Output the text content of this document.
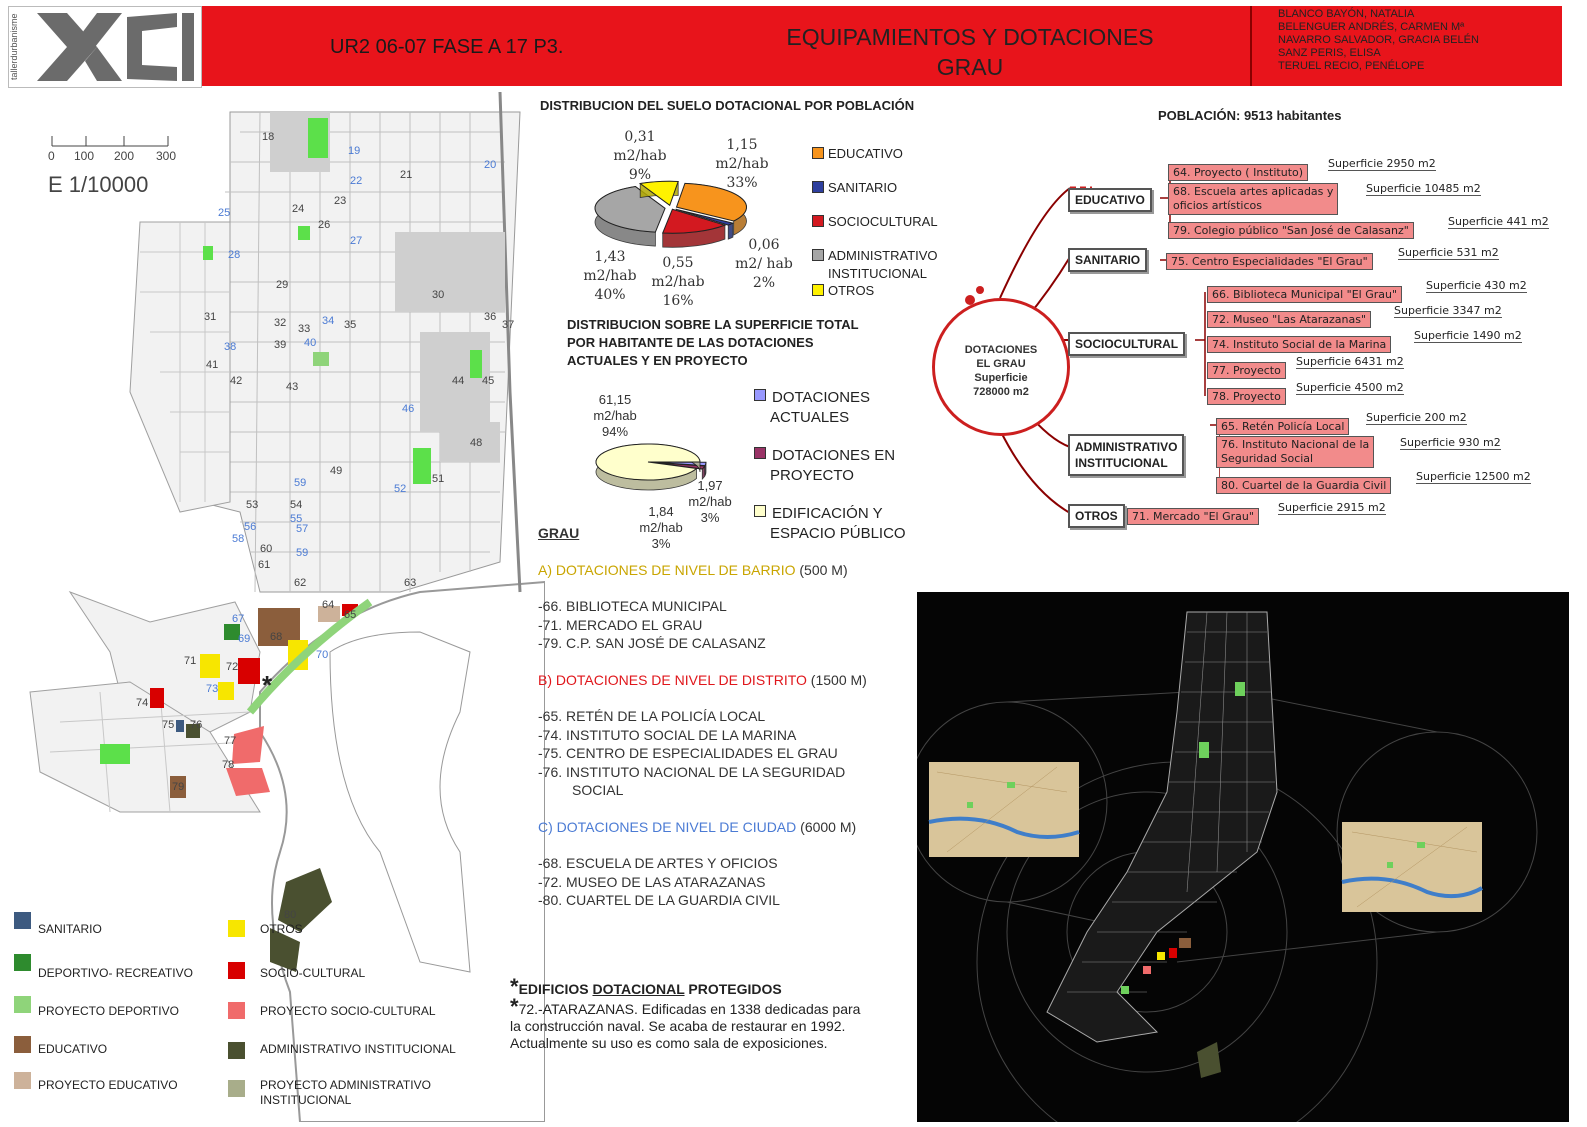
tallerdurbanisme	UR2 06-07 FASE A 17 P3.	EQUIPAMIENTOS Y DOTACIONES
GRAU
BLANCO BAYÓN, NATALIA
BELENGUER ANDRÉS, CARMEN Mª
NAVARRO SALVADOR, GRACIA BELÉN
SANZ PERIS, ELISA
TERUEL RECIO, PENÉLOPE
18
19
20
21
22
23
24
25
26
27
28
29
30
31	32 33
34 35
36
37
38	39 40
41
42	43	44 45
46
48
49
51
59	52
53	54
55
56	57
58
60 59
61
62	63
64
65
67
68
69
70
71	72
73
74
75 76
77
78
79
80
*
0 100 200 300
E 1/10000
DISTRIBUCION DEL SUELO DOTACIONAL POR POBLACIÓN
POBLACIÓN: 9513 habitantes
0,31
m2/hab
9%
1,15
m2/hab
33%
0,06
m2/ hab
2%
0,55
m2/hab
16%
1,43
m2/hab
40%
EDUCATIVO
SANITARIO
SOCIOCULTURAL
ADMINISTRATIVO
INSTITUCIONAL
OTROS
DISTRIBUCION SOBRE LA SUPERFICIE TOTAL
POR HABITANTE DE LAS DOTACIONES
ACTUALES Y EN PROYECTO
61,15
m2/hab
94%
1,97
m2/hab
3%
1,84
m2/hab
3%
DOTACIONES
ACTUALES
DOTACIONES EN
PROYECTO
EDIFICACIÓN Y
ESPACIO PÚBLICO
GRAU
A) DOTACIONES DE NIVEL DE BARRIO (500 M)
-66. BIBLIOTECA MUNICIPAL
-71. MERCADO EL GRAU
-79. C.P. SAN JOSÉ DE CALASANZ
B) DOTACIONES DE NIVEL DE DISTRITO (1500 M)
-65. RETÉN DE LA POLICÍA LOCAL
-74. INSTITUTO SOCIAL DE LA MARINA
-75. CENTRO DE ESPECIALIDADES EL GRAU
-76. INSTITUTO NACIONAL DE LA SEGURIDAD
SOCIAL
C) DOTACIONES DE NIVEL DE CIUDAD (6000 M)
-68. ESCUELA DE ARTES Y OFICIOS
-72. MUSEO DE LAS ATARAZANAS
-80. CUARTEL DE LA GUARDIA CIVIL
DOTACIONES
EL GRAU
Superficie
728000 m2
EDUCATIVO
SANITARIO
SOCIOCULTURAL
ADMINISTRATIVO
INSTITUCIONAL
OTROS
64. Proyecto ( Instituto)
Superficie 2950 m2
68. Escuela artes aplicadas y
oficios artísticos
Superficie 10485 m2
79. Colegio público "San José de Calasanz"
Superficie 441 m2
75. Centro Especialidades "El Grau"
Superficie 531 m2
66. Biblioteca Municipal "El Grau"
Superficie 430 m2
72. Museo "Las Atarazanas"
Superficie 3347 m2
74. Instituto Social de la Marina
Superficie 1490 m2
77. Proyecto
Superficie 6431 m2
78. Proyecto
Superficie 4500 m2
65. Retén Policía Local
Superficie 200 m2
76. Instituto Nacional de la
Seguridad Social
Superficie 930 m2
80. Cuartel de la Guardia Civil
Superficie 12500 m2
71. Mercado "El Grau"
Superficie 2915 m2
SANITARIO
DEPORTIVO- RECREATIVO
PROYECTO DEPORTIVO
EDUCATIVO
PROYECTO EDUCATIVO
OTROS
SOCIO-CULTURAL
PROYECTO SOCIO-CULTURAL
ADMINISTRATIVO INSTITUCIONAL
PROYECTO ADMINISTRATIVO
INSTITUCIONAL
*EDIFICIOS DOTACIONAL PROTEGIDOS
*72.-ATARAZANAS. Edificadas en 1338 dedicadas para
la construcción naval. Se acaba de restaurar en 1992.
Actualmente su uso es como sala de exposiciones.
